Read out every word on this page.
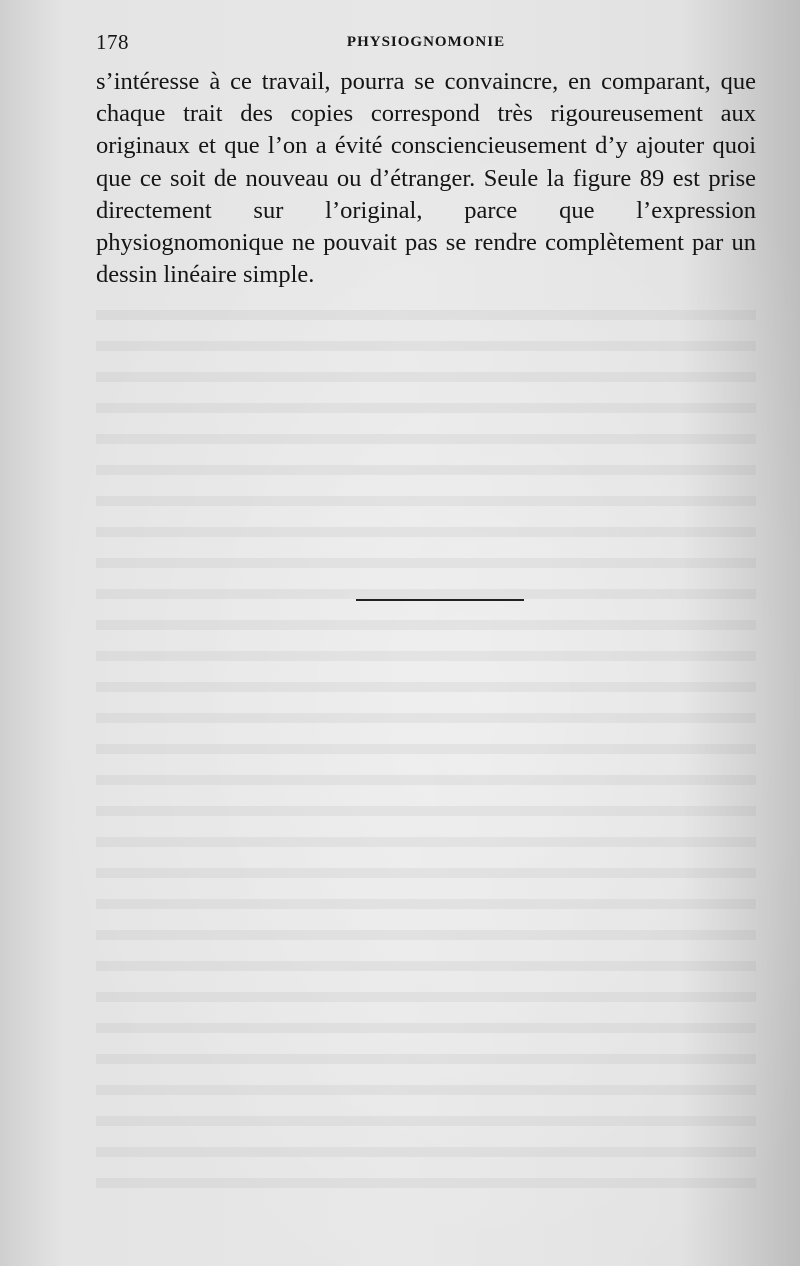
178	PHYSIOGNOMONIE

s’intéresse à ce travail, pourra se convaincre, en comparant, que chaque trait des copies correspond très rigoureusement aux originaux et que l’on a évité consciencieusement d’y ajouter quoi que ce soit de nouveau ou d’étranger. Seule la figure 89 est prise directement sur l’original, parce que l’expression physiognomonique ne pouvait pas se rendre complètement par un dessin linéaire simple.
